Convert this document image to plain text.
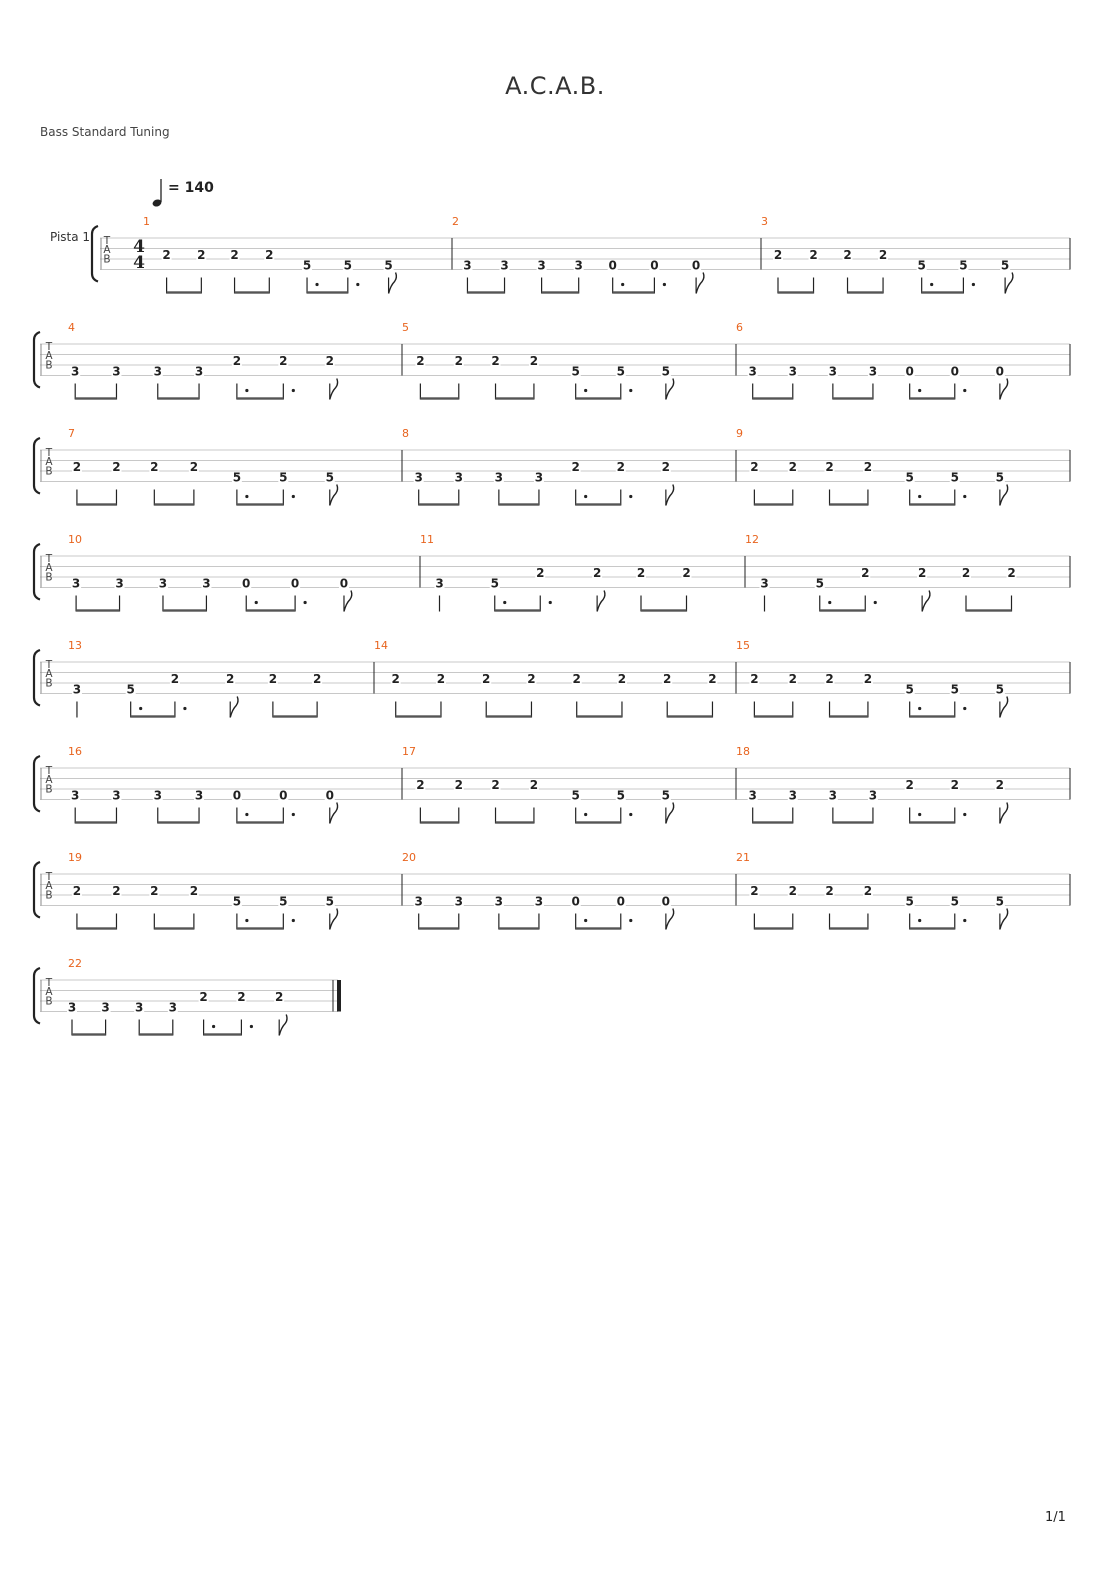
A.C.A.B.
Bass Standard Tuning
= 140
Pista 1 T
A
B
4
4
1
2 2 2 2
5	5	5
2
3 3 3 3 0	0	0
3
2 2 2 2
5	5	5
T
A
B
4
3	3	3	3
2	2	2
5
2	2 2	2
5	5	5
6
3	3	3	3 0	0	0
T
A
B
7
2	2 2	2
5	5	5
8
3	3	3	3
2	2	2
9
2	2 2	2
5	5	5
T
A
B
10
3	3	3	3	0	0	0
11
3	5
2	2	2	2
12
3	5
2	2	2	2
T
A
B
13
3	5
2	2	2	2
14
2	2	2	2	2	2	2	2
15
2	2 2	2
5	5	5
T
A
B
16
3	3	3	3 0	0	0
17
2	2 2	2
5	5	5
18
3	3	3	3
2	2	2
T
A
B
19
2	2 2	2
5	5	5
20
3	3	3	3 0	0	0
21
2	2 2	2
5	5	5
T
A
B
22
3 3 3 3
2 2 2
1/1
